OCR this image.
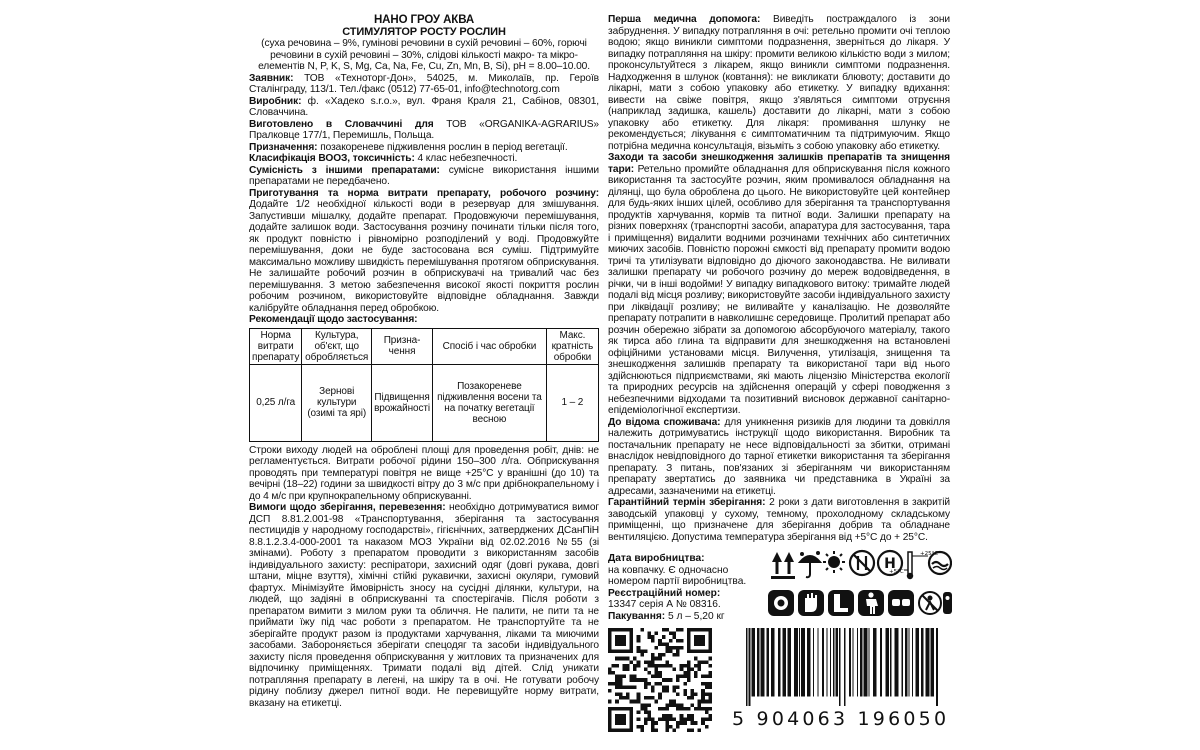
НАНО ГРОУ АКВА

СТИМУЛЯТОР РОСТУ РОСЛИН

(суха речовина – 9%, гумінові речовини в сухій речовині – 60%, горючі речовини в сухій речовині – 30%, слідові кількості макро- та мікро-елементів N, P, K, S, Mg, Ca, Na, Fe, Cu, Zn, Mn, B, Si), pH = 8.00–10.00.

Заявник: ТОВ «Техноторг-Дон», 54025, м. Миколаїв, пр. Героїв Сталінграду, 113/1. Тел./факс (0512) 77-65-01, info@technotorg.com

Виробник: ф. «Хадеко s.r.o.», вул. Франя Краля 21, Сабінов, 08301, Словаччина.

Виготовлено в Словаччині для ТОВ «ORGANIKA-AGRARIUS» Пралковце 177/1, Перемишль, Польща.

Призначення: позакореневе підживлення рослин в період вегетації.

Класифікація ВООЗ, токсичність: 4 клас небезпечності.

Сумісність з іншими препаратами: сумісне використання іншими препаратами не передбачено.

Приготування та норма витрати препарату, робочого розчину: Додайте 1/2 необхідної кількості води в резервуар для змішування. Запустивши мішалку, додайте препарат. Продовжуючи перемішування, додайте залишок води. Застосування розчину починати тільки після того, як продукт повністю і рівномірно розподілений у воді. Продовжуйте перемішування, доки не буде застосована вся суміш. Підтримуйте максимально можливу швидкість перемішування протягом обприскування. Не залишайте робочий розчин в обприскувачі на тривалий час без перемішування. З метою забезпечення високої якості покриття рослин робочим розчином, використовуйте відповідне обладнання. Завжди калібруйте обладнання перед обробкою.

Рекомендації щодо застосування:

Норма витрати препарату	Культура, об'єкт, що обробляється	Призна-чення	Спосіб і час обробки	Макс. кратність обробки
0,25 л/га	Зернові культури (озимі та ярі)	Підвищення врожайності	Позакореневе підживлення восени та на початку вегетації весною	1 – 2

Строки виходу людей на оброблені площі для проведення робіт, днів: не регламентується. Витрати робочої рідини 150–300 л/га. Обприскування проводять при температурі повітря не вище +25°С у вранішні (до 10) та вечірні (18–22) години за швидкості вітру до 3 м/с при дрібнокрапельному і до 4 м/с при крупнокрапельному обприскуванні.

Вимоги щодо зберігання, перевезення: необхідно дотримуватися вимог ДСП 8.81.2.001-98 «Транспортування, зберігання та застосування пестицидів у народному господарстві», гігієнічних, затверджених ДСанПіН 8.8.1.2.3.4-000-2001 та наказом МОЗ України від 02.02.2016 №55 (зі змінами). Роботу з препаратом проводити з використанням засобів індивідуального захисту: респіратори, захисний одяг (довгі рукава, довгі штани, міцне взуття), хімічні стійкі рукавички, захисні окуляри, гумовий фартух. Мінімізуйте ймовірність зносу на сусідні ділянки, культури, на людей, що задіяні в обприскуванні та спостерігачів. Після роботи з препаратом вимити з милом руки та обличчя. Не палити, не пити та не приймати їжу під час роботи з препаратом. Не транспортуйте та не зберігайте продукт разом із продуктами харчування, ліками та миючими засобами. Забороняється зберігати спецодяг та засоби індивідуального захисту після проведення обприскування у житлових та призначених для відпочинку приміщеннях. Тримати подалі від дітей. Слід уникати потрапляння препарату в легені, на шкіру та в очі. Не готувати робочу рідину поблизу джерел питної води. Не перевищуйте норму витрати, вказану на етикетці.

Перша медична допомога: Виведіть постраждалого із зони забруднення. У випадку потрапляння в очі: ретельно промити очі теплою водою; якщо виникли симптоми подразнення, зверніться до лікаря. У випадку потрапляння на шкіру: промити великою кількістю води з милом; проконсультуйтеся з лікарем, якщо виникли симптоми подразнення. Надходження в шлунок (ковтання): не викликати блювоту; доставити до лікарні, мати з собою упаковку або етикетку. У випадку вдихання: вивести на свіже повітря, якщо з'являться симптоми отруєння (наприклад задишка, кашель) доставити до лікарні, мати з собою упаковку або етикетку. Для лікаря: промивання шлунку не рекомендується; лікування є симптоматичним та підтримуючим. Якщо потрібна медична консультація, візьміть з собою упаковку або етикетку.

Заходи та засоби знешкодження залишків препаратів та знищення тари: Ретельно промийте обладнання для обприскування після кожного використання та застосуйте розчин, яким промивалося обладнання на ділянці, що була оброблена до цього. Не використовуйте цей контейнер для будь-яких інших цілей, особливо для зберігання та транспортування продуктів харчування, кормів та питної води. Залишки препарату на різних поверхнях (транспортні засоби, апаратура для застосування, тара і приміщення) видалити водними розчинами технічних або синтетичних миючих засобів. Повністю порожні ємкості від препарату промити водою тричі та утилізувати відповідно до діючого законодавства. Не виливати залишки препарату чи робочого розчину до мереж водовідведення, в річки, чи в інші водойми! У випадку випадкового витоку: тримайте людей подалі від місця розливу; використовуйте засоби індивідуального захисту при ліквідації розливу; не виливайте у каналізацію. Не дозволяйте препарату потрапити в навколишнє середовище. Пролитий препарат або розчин обережно зібрати за допомогою абсорбуючого матеріалу, такого як тирса або глина та відправити для знешкодження на встановлені офіційними установами місця. Вилучення, утилізація, знищення та знешкодження залишків препарату та використаної тари від нього здійснюються підприємствами, які мають ліцензію Міністерства екології та природних ресурсів на здійснення операцій у сфері поводження з небезпечними відходами та позитивний висновок державної санітарно-епідеміологічної експертизи.

До відома споживача: для уникнення ризиків для людини та довкілля належить дотримуватись інструкції щодо використання. Виробник та постачальник препарату не несе відповідальності за збитки, отримані внаслідок невідповідного до тарної етикетки використання та зберігання препарату. З питань, пов'язаних зі зберіганням чи використанням препарату звертатись до заявника чи представника в Україні за адресами, зазначеними на етикетці.

Гарантійний термін зберігання: 2 роки з дати виготовлення в закритій заводській упаковці у сухому, темному, прохолодному складському приміщенні, що призначене для зберігання добрив та обладнане вентиляцією. Допустима температура зберігання від +5°С до + 25°С.

Дата виробництва:

на ковпачку. Є одночасно номером партії виробництва.

Реєстраційний номер:

13347 серія А № 08316.

Пакування: 5 л – 5,20 кг

H
+25°C
+5°C
5 904063 196050
